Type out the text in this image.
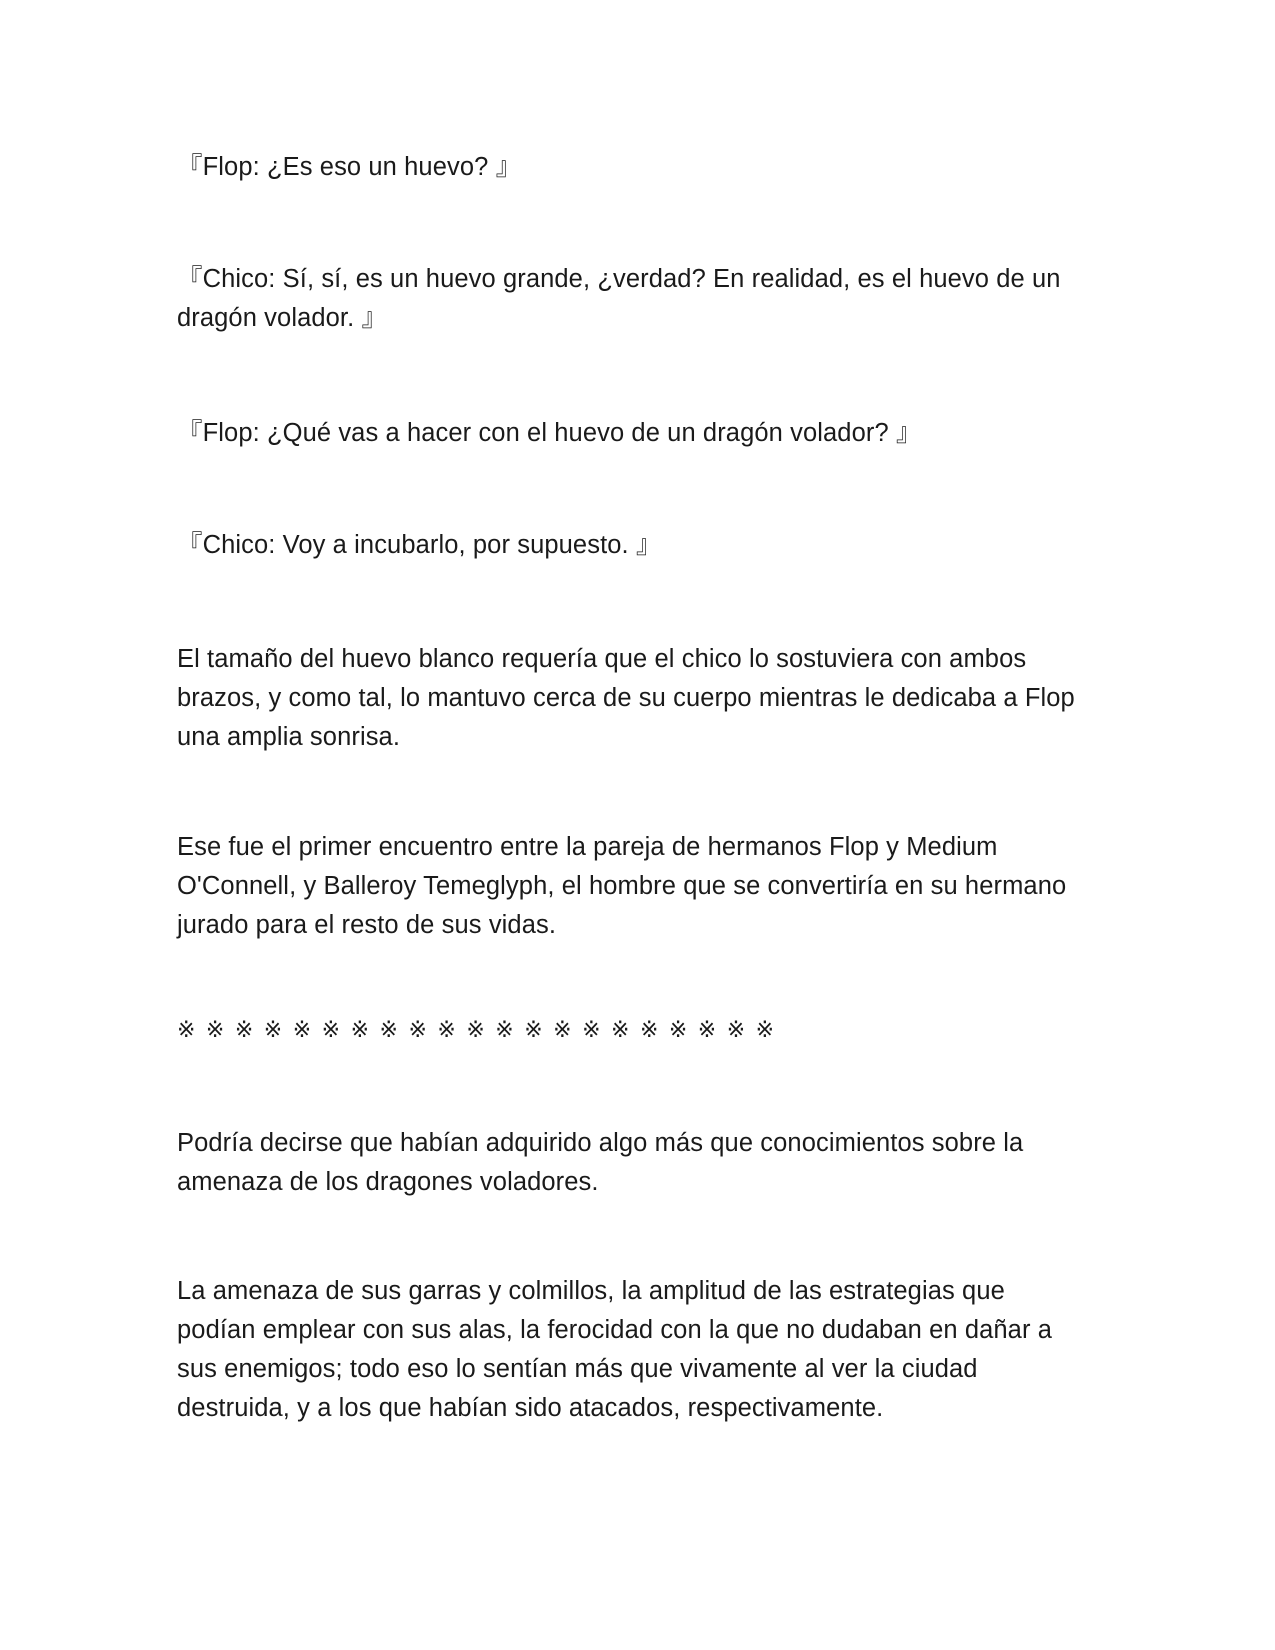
『Flop: ¿Es eso un huevo? 』

『Chico: Sí, sí, es un huevo grande, ¿verdad? En realidad, es el huevo de un dragón volador. 』

『Flop: ¿Qué vas a hacer con el huevo de un dragón volador? 』

『Chico: Voy a incubarlo, por supuesto. 』

El tamaño del huevo blanco requería que el chico lo sostuviera con ambos brazos, y como tal, lo mantuvo cerca de su cuerpo mientras le dedicaba a Flop una amplia sonrisa.

Ese fue el primer encuentro entre la pareja de hermanos Flop y Medium O'Connell, y Balleroy Temeglyph, el hombre que se convertiría en su hermano jurado para el resto de sus vidas.

※※※※※※※※※※※※※※※※※※※※※

Podría decirse que habían adquirido algo más que conocimientos sobre la amenaza de los dragones voladores.

La amenaza de sus garras y colmillos, la amplitud de las estrategias que podían emplear con sus alas, la ferocidad con la que no dudaban en dañar a sus enemigos; todo eso lo sentían más que vivamente al ver la ciudad destruida, y a los que habían sido atacados, respectivamente.
